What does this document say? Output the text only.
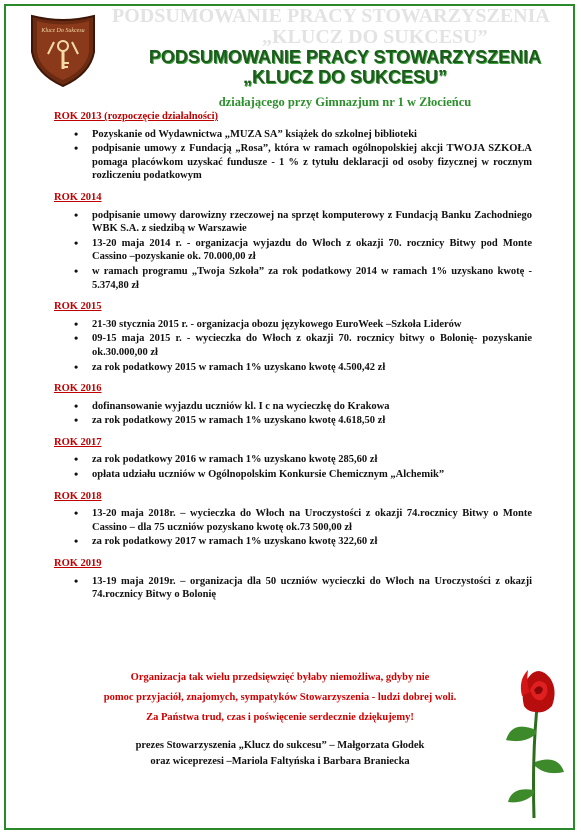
Klucz Do Sukcesu
PODSUMOWANIE PRACY STOWARZYSZENIA
„KLUCZ DO SUKCESU”
PODSUMOWANIE PRACY STOWARZYSZENIA
„KLUCZ DO SUKCESU”
działającego przy Gimnazjum nr 1 w Złocieńcu
ROK 2013 (rozpoczęcie działalności)
• Pozyskanie od Wydawnictwa „MUZA SA” książek do szkolnej biblioteki
• podpisanie umowy z Fundacją „Rosa”, która w ramach ogólnopolskiej akcji TWOJA SZKOŁA pomaga placówkom uzyskać fundusze - 1 % z tytułu deklaracji od osoby fizycznej w rocznym rozliczeniu podatkowym
ROK 2014
• podpisanie umowy darowizny rzeczowej na sprzęt komputerowy z Fundacją Banku Zachodniego WBK S.A. z siedzibą w Warszawie
• 13-20 maja 2014 r. - organizacja wyjazdu do Włoch z okazji 70. rocznicy Bitwy pod Monte Cassino –pozyskanie ok. 70.000,00 zł
• w ramach programu „Twoja Szkoła” za rok podatkowy 2014 w ramach 1% uzyskano kwotę - 5.374,80 zł
ROK 2015
• 21-30 stycznia 2015 r. - organizacja obozu językowego EuroWeek –Szkoła Liderów
• 09-15 maja 2015 r. - wycieczka do Włoch z okazji 70. rocznicy bitwy o Bolonię- pozyskanie ok.30.000,00 zł
• za rok podatkowy 2015 w ramach 1% uzyskano kwotę 4.500,42 zł
ROK 2016
• dofinansowanie wyjazdu uczniów kl. I c na wycieczkę do Krakowa
• za rok podatkowy 2015 w ramach 1% uzyskano kwotę 4.618,50 zł
ROK 2017
• za rok podatkowy 2016 w ramach 1% uzyskano kwotę 285,60 zł
• opłata udziału uczniów w Ogólnopolskim Konkursie Chemicznym „Alchemik”
ROK 2018
• 13-20 maja 2018r. – wycieczka do Włoch na Uroczystości z okazji 74.rocznicy Bitwy o Monte Cassino – dla 75 uczniów pozyskano kwotę ok.73 500,00 zł
• za rok podatkowy 2017 w ramach 1% uzyskano kwotę 322,60 zł
ROK 2019
• 13-19 maja 2019r. – organizacja dla 50 uczniów wycieczki do Włoch na Uroczystości z okazji 74.rocznicy Bitwy o Bolonię
Organizacja tak wielu przedsięwzięć byłaby niemożliwa, gdyby nie
pomoc przyjaciół, znajomych, sympatyków Stowarzyszenia - ludzi dobrej woli.
Za Państwa trud, czas i poświęcenie serdecznie dziękujemy!
prezes Stowarzyszenia „Klucz do sukcesu” – Małgorzata Głodek
oraz wiceprezesi –Mariola Faltyńska i Barbara Braniecka
